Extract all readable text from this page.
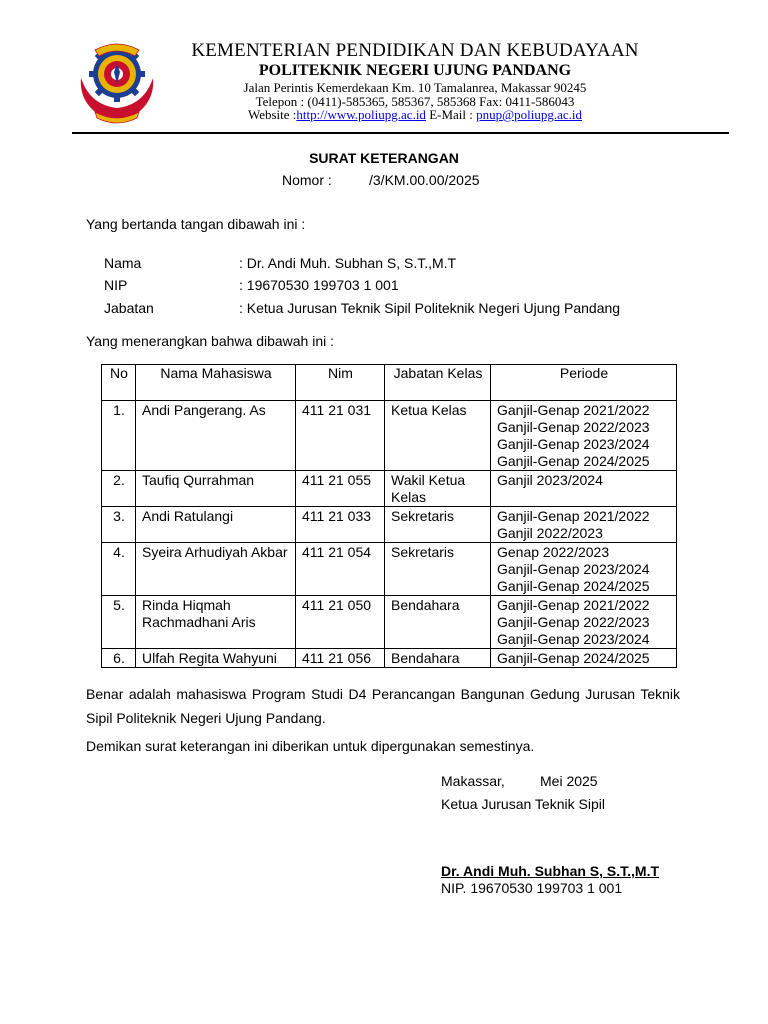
KEMENTERIAN PENDIDIKAN DAN KEBUDAYAAN
POLITEKNIK NEGERI UJUNG PANDANG
Jalan Perintis Kemerdekaan Km. 10 Tamalanrea, Makassar 90245
Telepon : (0411)-585365, 585367, 585368 Fax: 0411-586043
Website :http://www.poliupg.ac.id E-Mail : pnup@poliupg.ac.id
SURAT KETERANGAN
Nomor :	/3/KM.00.00/2025
Yang bertanda tangan dibawah ini :
Nama	: Dr. Andi Muh. Subhan S, S.T.,M.T
NIP	: 19670530 199703 1 001
Jabatan	: Ketua Jurusan Teknik Sipil Politeknik Negeri Ujung Pandang
Yang menerangkan bahwa dibawah ini :
No	Nama Mahasiswa	Nim	Jabatan Kelas	Periode
1.	Andi Pangerang. As	411 21 031	Ketua Kelas	Ganjil-Genap 2021/2022
Ganjil-Genap 2022/2023
Ganjil-Genap 2023/2024
Ganjil-Genap 2024/2025

2.	Taufiq Qurrahman	411 21 055	Wakil Ketua Kelas	Ganjil 2023/2024

3.	Andi Ratulangi	411 21 033	Sekretaris	Ganjil-Genap 2021/2022
Ganjil 2022/2023

4.	Syeira Arhudiyah Akbar	411 21 054	Sekretaris	Genap 2022/2023
Ganjil-Genap 2023/2024
Ganjil-Genap 2024/2025

5.	Rinda Hiqmah Rachmadhani Aris	411 21 050	Bendahara	Ganjil-Genap 2021/2022
Ganjil-Genap 2022/2023
Ganjil-Genap 2023/2024

6.	Ulfah Regita Wahyuni	411 21 056	Bendahara	Ganjil-Genap 2024/2025
Benar adalah mahasiswa Program Studi D4 Perancangan Bangunan Gedung Jurusan Teknik Sipil Politeknik Negeri Ujung Pandang.
Demikan surat keterangan ini diberikan untuk dipergunakan semestinya.
Makassar,	Mei 2025
Ketua Jurusan Teknik Sipil
Dr. Andi Muh. Subhan S, S.T.,M.T
NIP. 19670530 199703 1 001
